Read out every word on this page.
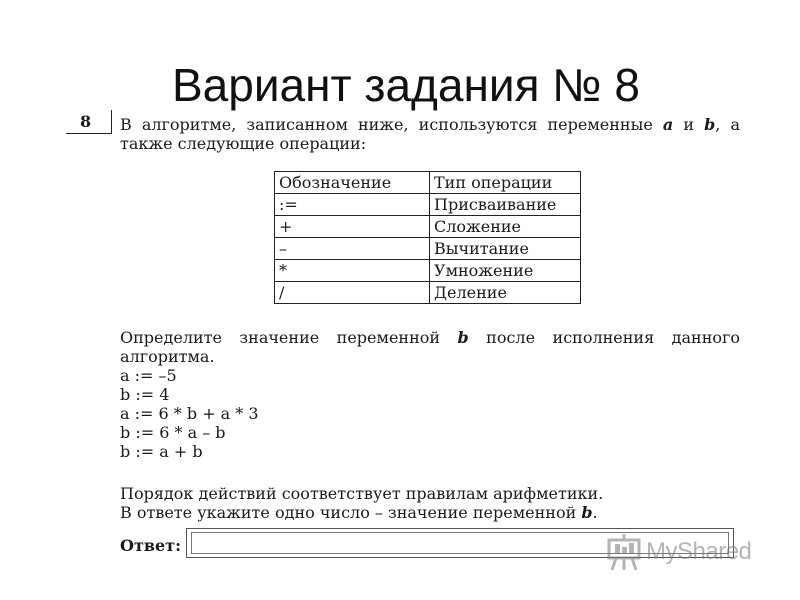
Вариант задания № 8
8 В алгоритме, записанном ниже, используются переменные a и b, а также следующие операции:
Обозначение	Тип операции
:=	Присваивание
+	Сложение
–	Вычитание
*	Умножение
/	Деление
Определите значение переменной b после исполнения данного алгоритма.
a := –5
b := 4
a := 6 * b + a * 3
b := 6 * a – b
b := a + b
Порядок действий соответствует правилам арифметики.
В ответе укажите одно число – значение переменной b.
Ответ:	MyShared
